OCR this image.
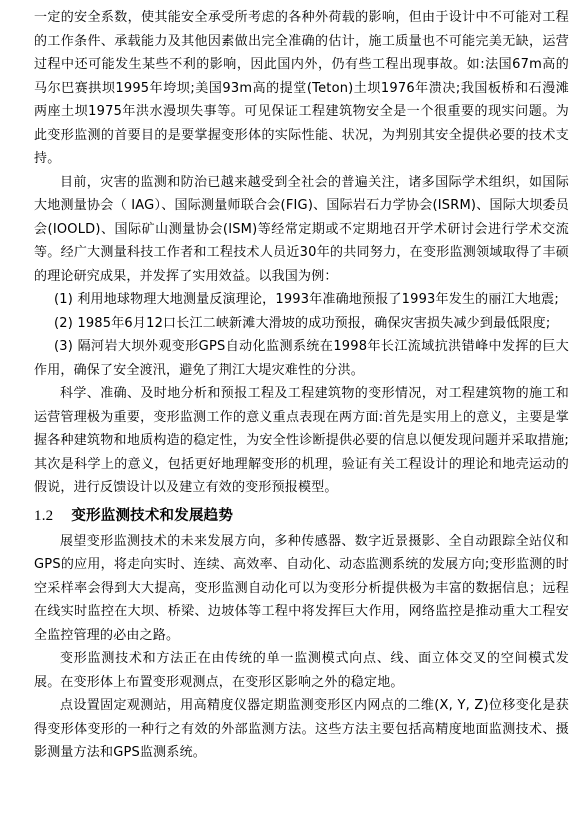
一定的安全系数，使其能安全承受所考虑的各种外荷载的影响，但由于设计中不可能对工程的工作条件、承载能力及其他因素做出完全准确的估计，施工质量也不可能完美无缺，运营过程中还可能发生某些不利的影响，因此国内外，仍有些工程出现事故。如:法国67m高的马尔巴赛拱坝1995年垮坝;美国93m高的提堂(Teton)土坝1976年溃决;我国板桥和石漫滩两座土坝1975年洪水漫坝失事等。可见保证工程建筑物安全是一个很重要的现实问题。为此变形监测的首要目的是要掌握变形体的实际性能、状况，为判别其安全提供必要的技术支持。

目前，灾害的监测和防治已越来越受到全社会的普遍关注，诸多国际学术组织，如国际大地测量协会（ IAG）、国际测量师联合会(FIG)、国际岩石力学协会(ISRM)、国际大坝委员会(IOOLD)、国际矿山测量协会(ISM)等经常定期或不定期地召开学术研讨会进行学术交流等。经广大测量科技工作者和工程技术人员近30年的共同努力，在变形监测领域取得了丰硕的理论研究成果，并发挥了实用效益。以我国为例：

(1) 利用地球物理大地测量反演理论，1993年准确地预报了1993年发生的丽江大地震;

(2) 1985年6月12口长江二峡新滩大滑坡的成功预报，确保灾害损失减少到最低限度;

(3) 隔河岩大坝外观变形GPS自动化监测系统在1998年长江流域抗洪错峰中发挥的巨大作用，确保了安全渡汛，避免了荆江大堤灾难性的分洪。

科学、准确、及时地分析和预报工程及工程建筑物的变形情况，对工程建筑物的施工和运营管理极为重要，变形监测工作的意义重点表现在两方面:首先是实用上的意义，主要是掌握各种建筑物和地质构造的稳定性，为安全性诊断提供必要的信息以便发现问题并采取措施;其次是科学上的意义，包括更好地理解变形的机理，验证有关工程设计的理论和地壳运动的假说，进行反馈设计以及建立有效的变形预报模型。

1.2 变形监测技术和发展趋势

展望变形监测技术的未来发展方向，多种传感器、数字近景摄影、全自动跟踪全站仪和GPS的应用，将走向实时、连续、高效率、自动化、动态监测系统的发展方向;变形监测的时空采样率会得到大大提高，变形监测自动化可以为变形分析提供极为丰富的数据信息；远程在线实时监控在大坝、桥梁、边坡体等工程中将发挥巨大作用，网络监控是推动重大工程安全监控管理的必由之路。

变形监测技术和方法正在由传统的单一监测模式向点、线、面立体交叉的空间模式发展。在变形体上布置变形观测点，在变形区影响之外的稳定地。

点设置固定观测站，用高精度仪器定期监测变形区内网点的二维(X, Y, Z)位移变化是获得变形体变形的一种行之有效的外部监测方法。这些方法主要包括高精度地面监测技术、摄影测量方法和GPS监测系统。
